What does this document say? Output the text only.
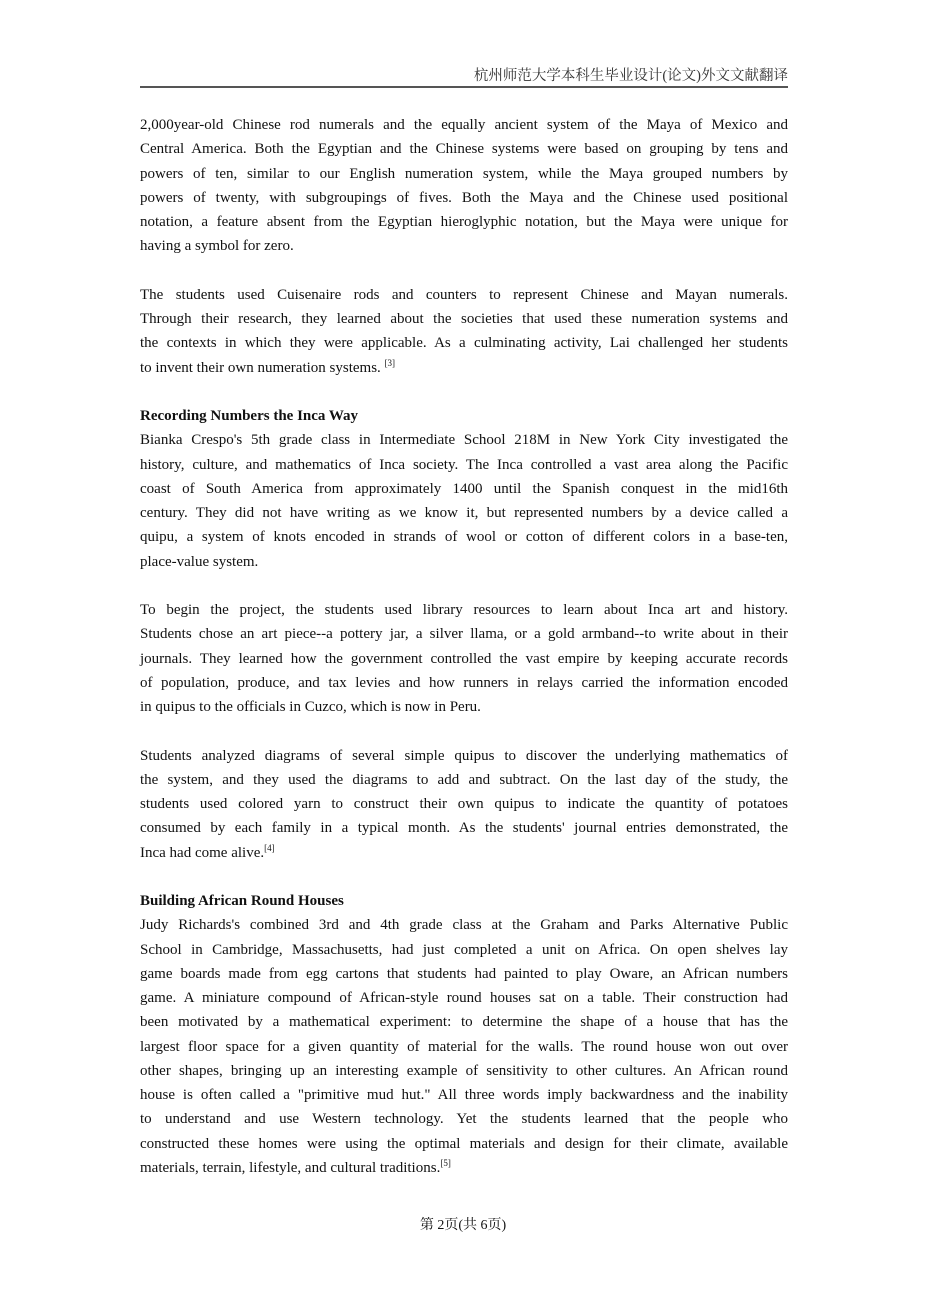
杭州师范大学本科生毕业设计(论文)外文文献翻译
2,000year-old Chinese rod numerals and the equally ancient system of the Maya of Mexico and
Central America. Both the Egyptian and the Chinese systems were based on grouping by tens and
powers of ten, similar to our English numeration system, while the Maya grouped numbers by
powers of twenty, with subgroupings of fives. Both the Maya and the Chinese used positional
notation, a feature absent from the Egyptian hieroglyphic notation, but the Maya were unique for
having a symbol for zero.
The students used Cuisenaire rods and counters to represent Chinese and Mayan numerals.
Through their research, they learned about the societies that used these numeration systems and
the contexts in which they were applicable. As a culminating activity, Lai challenged her students
to invent their own numeration systems. [3]
Recording Numbers the Inca Way
Bianka Crespo's 5th grade class in Intermediate School 218M in New York City investigated the
history, culture, and mathematics of Inca society. The Inca controlled a vast area along the Pacific
coast of South America from approximately 1400 until the Spanish conquest in the mid16th
century. They did not have writing as we know it, but represented numbers by a device called a
quipu, a system of knots encoded in strands of wool or cotton of different colors in a base-ten,
place-value system.
To begin the project, the students used library resources to learn about Inca art and history.
Students chose an art piece--a pottery jar, a silver llama, or a gold armband--to write about in their
journals. They learned how the government controlled the vast empire by keeping accurate records
of population, produce, and tax levies and how runners in relays carried the information encoded
in quipus to the officials in Cuzco, which is now in Peru.
Students analyzed diagrams of several simple quipus to discover the underlying mathematics of
the system, and they used the diagrams to add and subtract. On the last day of the study, the
students used colored yarn to construct their own quipus to indicate the quantity of potatoes
consumed by each family in a typical month. As the students' journal entries demonstrated, the
Inca had come alive.[4]
Building African Round Houses
Judy Richards's combined 3rd and 4th grade class at the Graham and Parks Alternative Public
School in Cambridge, Massachusetts, had just completed a unit on Africa. On open shelves lay
game boards made from egg cartons that students had painted to play Oware, an African numbers
game. A miniature compound of African-style round houses sat on a table. Their construction had
been motivated by a mathematical experiment: to determine the shape of a house that has the
largest floor space for a given quantity of material for the walls. The round house won out over
other shapes, bringing up an interesting example of sensitivity to other cultures. An African round
house is often called a "primitive mud hut." All three words imply backwardness and the inability
to understand and use Western technology. Yet the students learned that the people who
constructed these homes were using the optimal materials and design for their climate, available
materials, terrain, lifestyle, and cultural traditions.[5]
第 2页(共 6页)
